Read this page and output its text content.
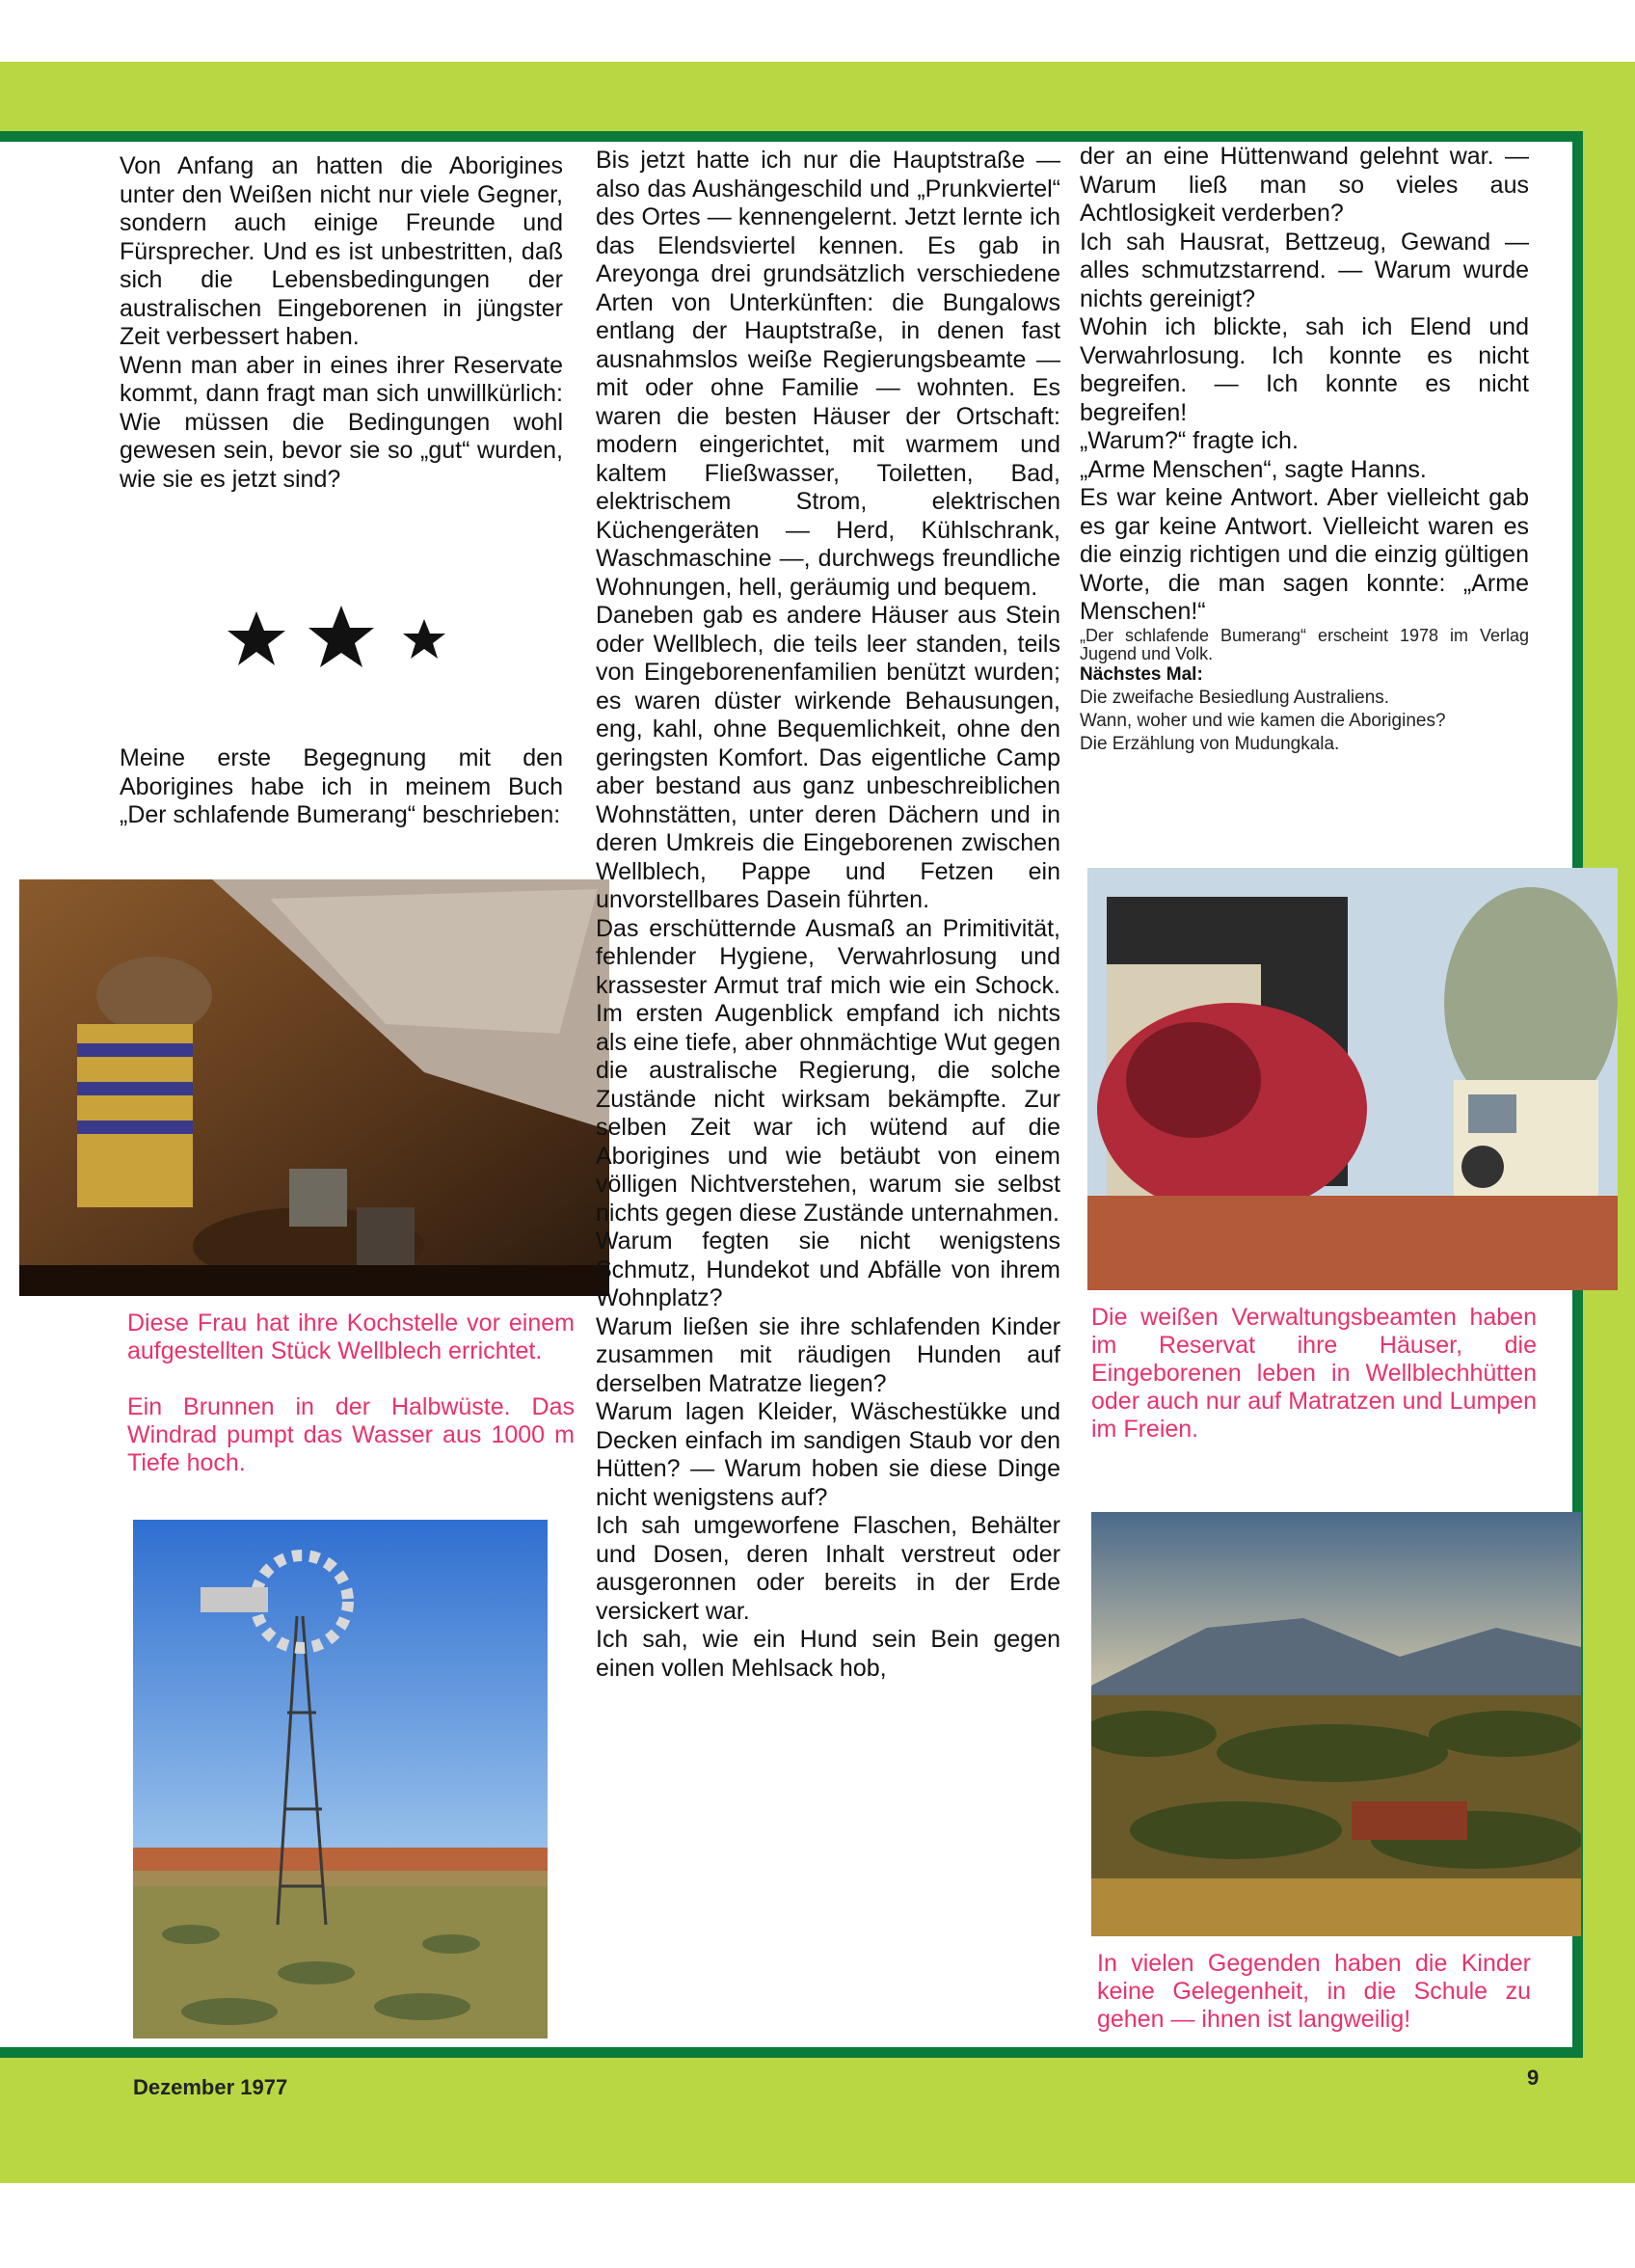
Von Anfang an hatten die Aborigines unter den Weißen nicht nur viele Gegner, sondern auch einige Freunde und Fürsprecher. Und es ist unbestritten, daß sich die Lebensbedingungen der australischen Eingeborenen in jüngster Zeit verbessert haben.

Wenn man aber in eines ihrer Reservate kommt, dann fragt man sich unwillkürlich: Wie müssen die Bedingungen wohl gewesen sein, bevor sie so „gut“ wurden, wie sie es jetzt sind?

Meine erste Begegnung mit den Aborigines habe ich in meinem Buch „Der schlafende Bumerang“ beschrieben:

Diese Frau hat ihre Kochstelle vor einem aufgestellten Stück Wellblech errichtet.

Ein Brunnen in der Halbwüste. Das Windrad pumpt das Wasser aus 1000 m Tiefe hoch.

Bis jetzt hatte ich nur die Hauptstraße — also das Aushängeschild und „Prunkviertel“ des Ortes — kennengelernt. Jetzt lernte ich das Elendsviertel kennen. Es gab in Areyonga drei grundsätzlich verschiedene Arten von Unterkünften: die Bungalows entlang der Hauptstraße, in denen fast ausnahmslos weiße Regierungsbeamte — mit oder ohne Familie — wohnten. Es waren die besten Häuser der Ortschaft: modern eingerichtet, mit warmem und kaltem Fließwasser, Toiletten, Bad, elektrischem Strom, elektrischen Küchengeräten — Herd, Kühlschrank, Waschmaschine —, durchwegs freundliche Wohnungen, hell, geräumig und bequem.

Daneben gab es andere Häuser aus Stein oder Wellblech, die teils leer standen, teils von Eingeborenenfamilien benützt wurden; es waren düster wirkende Behausungen, eng, kahl, ohne Bequemlichkeit, ohne den geringsten Komfort. Das eigentliche Camp aber bestand aus ganz unbeschreiblichen Wohnstätten, unter deren Dächern und in deren Umkreis die Eingeborenen zwischen Wellblech, Pappe und Fetzen ein unvorstellbares Dasein führten.

Das erschütternde Ausmaß an Primitivität, fehlender Hygiene, Verwahrlosung und krassester Armut traf mich wie ein Schock. Im ersten Augenblick empfand ich nichts als eine tiefe, aber ohnmächtige Wut gegen die australische Regierung, die solche Zustände nicht wirksam bekämpfte. Zur selben Zeit war ich wütend auf die Aborigines und wie betäubt von einem völligen Nichtverstehen, warum sie selbst nichts gegen diese Zustände unternahmen.

Warum fegten sie nicht wenigstens Schmutz, Hundekot und Abfälle von ihrem Wohnplatz?

Warum ließen sie ihre schlafenden Kinder zusammen mit räudigen Hunden auf derselben Matratze liegen?

Warum lagen Kleider, Wäschestükke und Decken einfach im sandigen Staub vor den Hütten? — Warum hoben sie diese Dinge nicht wenigstens auf?

Ich sah umgeworfene Flaschen, Behälter und Dosen, deren Inhalt verstreut oder ausgeronnen oder bereits in der Erde versickert war.

Ich sah, wie ein Hund sein Bein gegen einen vollen Mehlsack hob,

der an eine Hüttenwand gelehnt war. — Warum ließ man so vieles aus Achtlosigkeit verderben?

Ich sah Hausrat, Bettzeug, Gewand — alles schmutzstarrend. — Warum wurde nichts gereinigt?

Wohin ich blickte, sah ich Elend und Verwahrlosung. Ich konnte es nicht begreifen. — Ich konnte es nicht begreifen!

„Warum?“ fragte ich.

„Arme Menschen“, sagte Hanns.

Es war keine Antwort. Aber vielleicht gab es gar keine Antwort. Vielleicht waren es die einzig richtigen und die einzig gültigen Worte, die man sagen konnte: „Arme Menschen!“

„Der schlafende Bumerang“ erscheint 1978 im Verlag Jugend und Volk.

Nächstes Mal:

Die zweifache Besiedlung Australiens.

Wann, woher und wie kamen die Aborigines?

Die Erzählung von Mudungkala.

Die weißen Verwaltungsbeamten haben im Reservat ihre Häuser, die Eingeborenen leben in Wellblechhütten oder auch nur auf Matratzen und Lumpen im Freien.

In vielen Gegenden haben die Kinder keine Gelegenheit, in die Schule zu gehen — ihnen ist langweilig!

Dezember 1977	9
